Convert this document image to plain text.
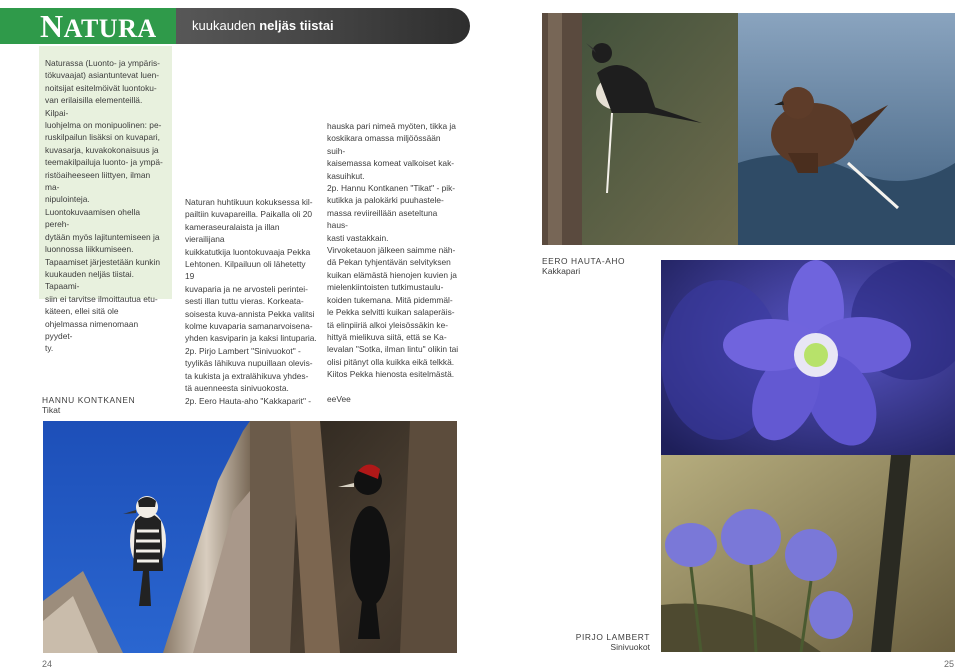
NATURA	kuukauden neljäs tiistai
Naturassa (Luonto- ja ympäris-
tökuvaajat) asiantuntevat luen-
noitsijat esitelmöivät luontoku-
van erilaisilla elementeillä. Kilpai-
luohjelma on monipuolinen: pe-
ruskilpailun lisäksi on kuvapari,
kuvasarja, kuvakokonaisuus ja
teemakilpailuja luonto- ja ympä-
ristöaiheeseen liittyen, ilman ma-
nipulointeja.
Luontokuvaamisen ohella pereh-
dytään myös lajituntemiseen ja
luonnossa liikkumiseen.
Tapaamiset järjestetään kunkin
kuukauden neljäs tiistai. Tapaami-
siin ei tarvitse ilmoittautua etu-
käteen, ellei sitä ole
ohjelmassa nimenomaan pyydet-
ty.
Naturan huhtikuun kokuksessa kil-
pailtiin kuvapareilla. Paikalla oli 20
kameraseuralaista ja illan vierailijana
kuikkatutkija luontokuvaaja Pekka
Lehtonen. Kilpailuun oli lähetetty 19
kuvaparia ja ne arvosteli perintei-
sesti illan tuttu vieras. Korkeata-
soisesta kuva-annista Pekka valitsi
kolme kuvaparia samanarvoisena-
yhden kasviparin ja kaksi lintuparia.
2p. Pirjo Lambert "Sinivuokot" -
tyylikäs lähikuva nupuillaan olevis-
ta kukista ja extralähikuva yhdes-
tä auenneesta sinivuokosta.
2p. Eero Hauta-aho "Kakkaparit" -
hauska pari nimeä myöten, tikka ja
koskikara omassa miljöössään suih-
kaisemassa komeat valkoiset kak-
kasuihkut.
2p. Hannu Kontkanen "Tikat" - pik-
kutikka ja palokärki puuhastele-
massa reviireillään aseteltuna haus-
kasti vastakkain.
Virvoketauon jälkeen saimme näh-
dä Pekan tyhjentävän selvityksen
kuikan elämästä hienojen kuvien ja
mielenkiintoisten tutkimustaulu-
koiden tukemana. Mitä pidemmäl-
le Pekka selvitti kuikan salaperäis-
tä elinpiiriä alkoi yleisössäkin ke-
hittyä mielikuva siitä, että se Ka-
levalan "Sotka, ilman lintu" olikin tai
olisi pitänyt olla kuikka eikä telkkä.
Kiitos Pekka hienosta esitelmästä.

eeVee
HANNU KONTKANEN
Tikat
EERO HAUTA-AHO
Kakkapari
PIRJO LAMBERT
Sinivuokot
24	25
